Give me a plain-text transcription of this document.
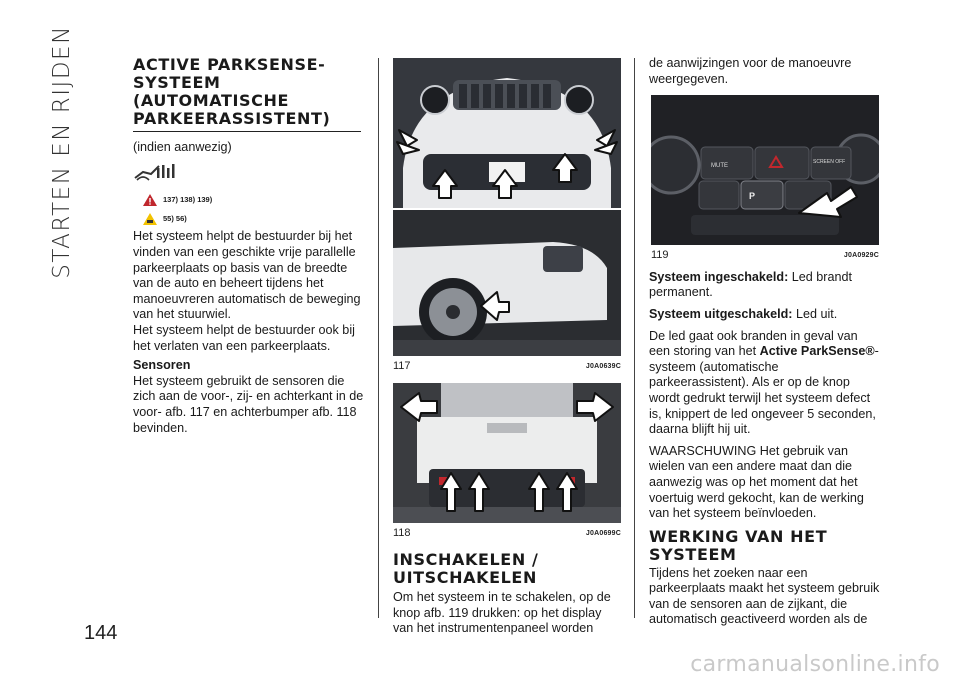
STARTEN EN RIJDEN
144
ACTIVE PARKSENSE-SYSTEEM (AUTOMATISCHE PARKEERASSISTENT)

(indien aanwezig)

137) 138) 139)
55) 56)

Het systeem helpt de bestuurder bij het vinden van een geschikte vrije parallelle parkeerplaats op basis van de breedte van de auto en beheert tijdens het manoeuvreren automatisch de beweging van het stuurwiel.
Het systeem helpt de bestuurder ook bij het verlaten van een parkeerplaats.

Sensoren

Het systeem gebruikt de sensoren die zich aan de voor-, zij- en achterkant in de voor- afb. 117 en achterbumper afb. 118 bevinden.

117	J0A0639C
118	J0A0699C
INSCHAKELEN / UITSCHAKELEN

Om het systeem in te schakelen, op de knop afb. 119 drukken: op het display van het instrumentenpaneel worden

de aanwijzingen voor de manoeuvre weergegeven.

MUTE
SCREEN OFF
P
119	J0A0929C

Systeem ingeschakeld: Led brandt permanent.

Systeem uitgeschakeld: Led uit.

De led gaat ook branden in geval van een storing van het Active ParkSense®-systeem (automatische parkeerassistent). Als er op de knop wordt gedrukt terwijl het systeem defect is, knippert de led ongeveer 5 seconden, daarna blijft hij uit.

WAARSCHUWING Het gebruik van wielen van een andere maat dan die aanwezig was op het moment dat het voertuig werd gekocht, kan de werking van het systeem beïnvloeden.

WERKING VAN HET SYSTEEM

Tijdens het zoeken naar een parkeerplaats maakt het systeem gebruik van de sensoren aan de zijkant, die automatisch geactiveerd worden als de

carmanualsonline.info
